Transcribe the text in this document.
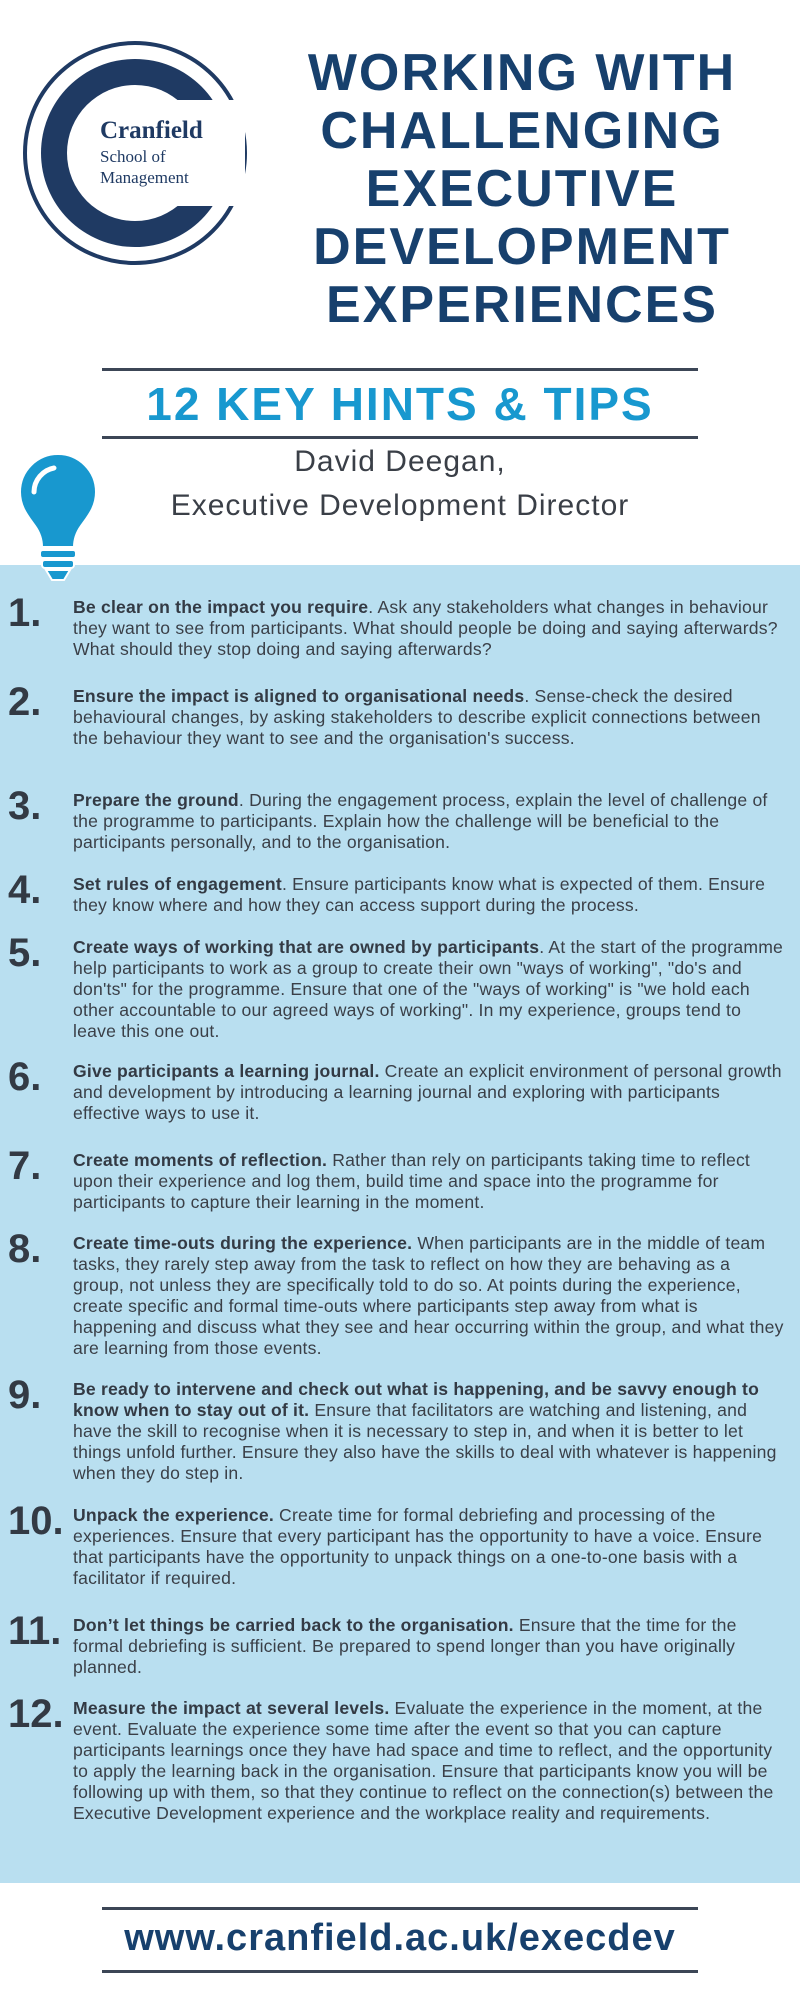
Cranfield
School of
Management
WORKING WITH
CHALLENGING
EXECUTIVE
DEVELOPMENT
EXPERIENCES
12 KEY HINTS & TIPS
David Deegan,
Executive Development Director
1. Be clear on the impact you require. Ask any stakeholders what changes in behaviour they want to see from participants. What should people be doing and saying afterwards? What should they stop doing and saying afterwards?
2. Ensure the impact is aligned to organisational needs. Sense-check the desired behavioural changes, by asking stakeholders to describe explicit connections between the behaviour they want to see and the organisation's success.
3. Prepare the ground. During the engagement process, explain the level of challenge of the programme to participants. Explain how the challenge will be beneficial to the participants personally, and to the organisation.
4. Set rules of engagement. Ensure participants know what is expected of them. Ensure they know where and how they can access support during the process.
5. Create ways of working that are owned by participants. At the start of the programme help participants to work as a group to create their own "ways of working", "do's and don'ts" for the programme. Ensure that one of the "ways of working" is "we hold each other accountable to our agreed ways of working". In my experience, groups tend to leave this one out.
6. Give participants a learning journal. Create an explicit environment of personal growth and development by introducing a learning journal and exploring with participants effective ways to use it.
7. Create moments of reflection. Rather than rely on participants taking time to reflect upon their experience and log them, build time and space into the programme for participants to capture their learning in the moment.
8. Create time-outs during the experience. When participants are in the middle of team tasks, they rarely step away from the task to reflect on how they are behaving as a group, not unless they are specifically told to do so. At points during the experience, create specific and formal time-outs where participants step away from what is happening and discuss what they see and hear occurring within the group, and what they are learning from those events.
9. Be ready to intervene and check out what is happening, and be savvy enough to know when to stay out of it. Ensure that facilitators are watching and listening, and have the skill to recognise when it is necessary to step in, and when it is better to let things unfold further. Ensure they also have the skills to deal with whatever is happening when they do step in.
10. Unpack the experience. Create time for formal debriefing and processing of the experiences. Ensure that every participant has the opportunity to have a voice. Ensure that participants have the opportunity to unpack things on a one-to-one basis with a facilitator if required.
11. Don’t let things be carried back to the organisation. Ensure that the time for the formal debriefing is sufficient. Be prepared to spend longer than you have originally planned.
12. Measure the impact at several levels. Evaluate the experience in the moment, at the event. Evaluate the experience some time after the event so that you can capture participants learnings once they have had space and time to reflect, and the opportunity to apply the learning back in the organisation. Ensure that participants know you will be following up with them, so that they continue to reflect on the connection(s) between the Executive Development experience and the workplace reality and requirements.
www.cranfield.ac.uk/execdev
